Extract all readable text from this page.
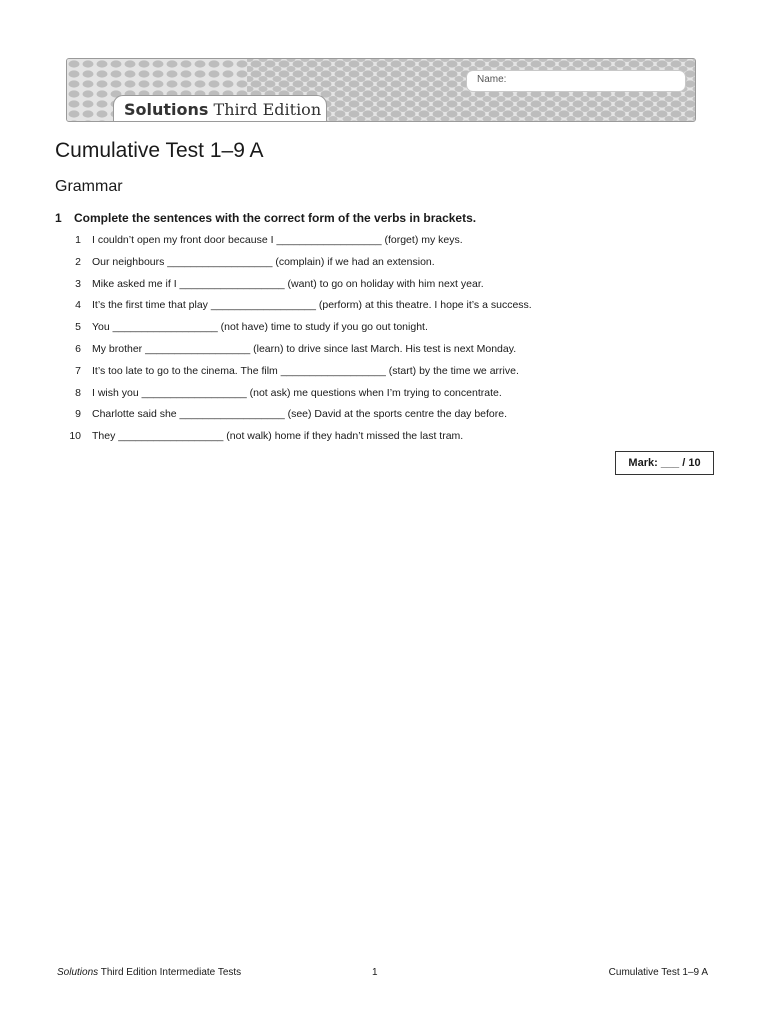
Name:
Solutions Third Edition
Cumulative Test 1–9 A
Grammar
1 Complete the sentences with the correct form of the verbs in brackets.
1 I couldn’t open my front door because I __________________ (forget) my keys.
2 Our neighbours __________________ (complain) if we had an extension.
3 Mike asked me if I __________________ (want) to go on holiday with him next year.
4 It’s the first time that play __________________ (perform) at this theatre. I hope it’s a success.
5 You __________________ (not have) time to study if you go out tonight.
6 My brother __________________ (learn) to drive since last March. His test is next Monday.
7 It’s too late to go to the cinema. The film __________________ (start) by the time we arrive.
8 I wish you __________________ (not ask) me questions when I’m trying to concentrate.
9 Charlotte said she __________________ (see) David at the sports centre the day before.
10 They __________________ (not walk) home if they hadn’t missed the last tram.
Mark: ___ / 10
Solutions Third Edition Intermediate Tests	1	Cumulative Test 1–9 A
